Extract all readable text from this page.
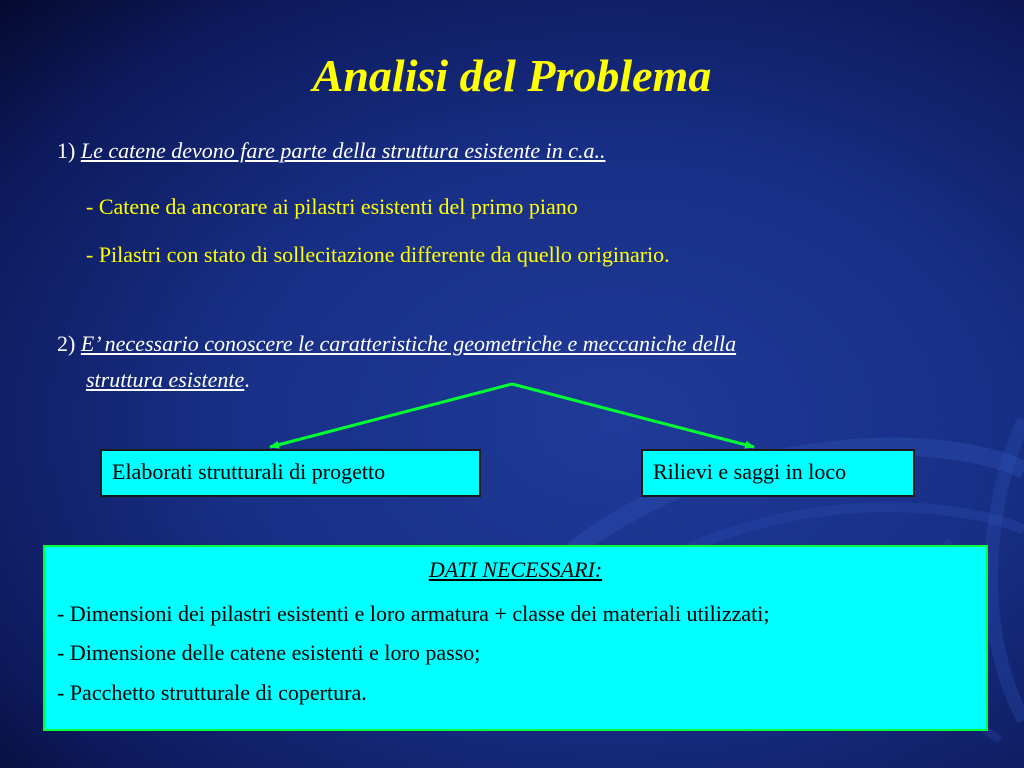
Analisi del Problema
1) Le catene devono fare parte della struttura esistente in c.a..
- Catene da ancorare ai pilastri esistenti del primo piano
- Pilastri con stato di sollecitazione differente da quello originario.
2) E’ necessario conoscere le caratteristiche geometriche e meccaniche della
struttura esistente.
Elaborati strutturali di progetto	Rilievi e saggi in loco
DATI NECESSARI:
- Dimensioni dei pilastri esistenti e loro armatura + classe dei materiali utilizzati;
- Dimensione delle catene esistenti e loro passo;
- Pacchetto strutturale di copertura.
